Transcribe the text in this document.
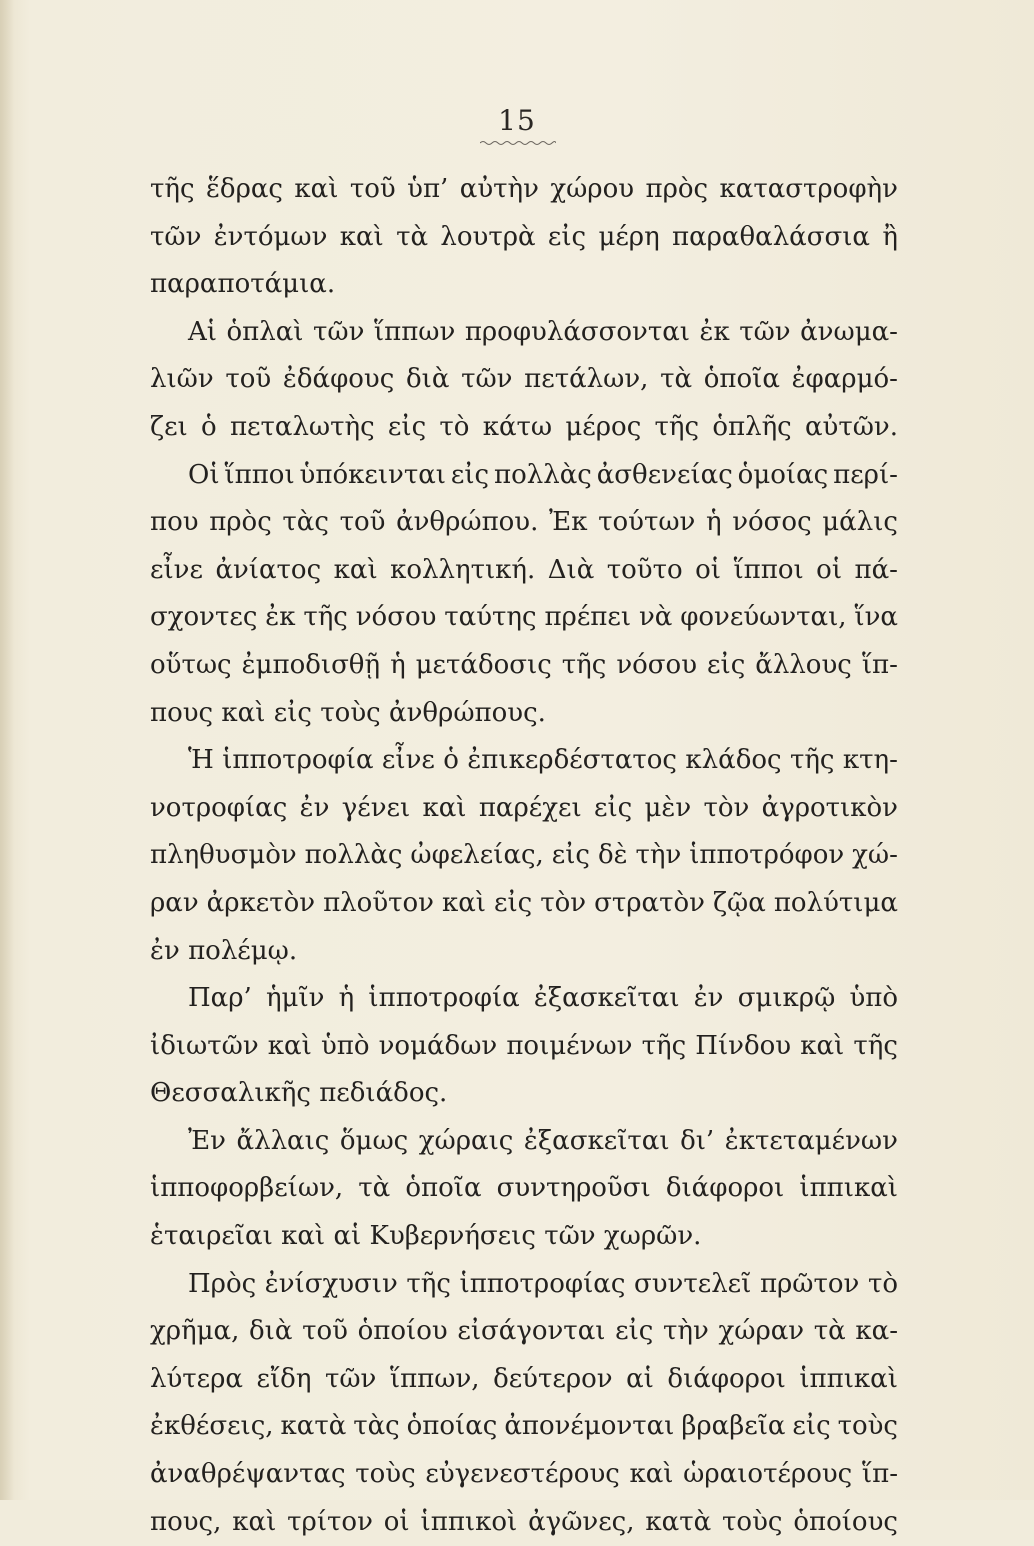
15
τῆς ἕδρας καὶ τοῦ ὑπ’ αὐτὴν χώρου πρὸς καταστροφὴν
τῶν ἐντόμων καὶ τὰ λουτρὰ εἰς μέρη παραθαλάσσια ἢ
παραποτάμια.
Αἱ ὁπλαὶ τῶν ἵππων προφυλάσσονται ἐκ τῶν ἀνωμα-
λιῶν τοῦ ἐδάφους διὰ τῶν πετάλων, τὰ ὁποῖα ἐφαρμό-
ζει ὁ πεταλωτὴς εἰς τὸ κάτω μέρος τῆς ὁπλῆς αὐτῶν.
Οἱ ἵπποι ὑπόκεινται εἰς πολλὰς ἀσθενείας ὁμοίας περί-
που πρὸς τὰς τοῦ ἀνθρώπου. Ἐκ τούτων ἡ νόσος μάλις
εἶνε ἀνίατος καὶ κολλητική. Διὰ τοῦτο οἱ ἵπποι οἱ πά-
σχοντες ἐκ τῆς νόσου ταύτης πρέπει νὰ φονεύωνται, ἵνα
οὕτως ἐμποδισθῇ ἡ μετάδοσις τῆς νόσου εἰς ἄλλους ἵπ-
πους καὶ εἰς τοὺς ἀνθρώπους.
Ἡ ἱπποτροφία εἶνε ὁ ἐπικερδέστατος κλάδος τῆς κτη-
νοτροφίας ἐν γένει καὶ παρέχει εἰς μὲν τὸν ἀγροτικὸν
πληθυσμὸν πολλὰς ὠφελείας, εἰς δὲ τὴν ἱπποτρόφον χώ-
ραν ἀρκετὸν πλοῦτον καὶ εἰς τὸν στρατὸν ζῷα πολύτιμα
ἐν πολέμῳ.
Παρ’ ἡμῖν ἡ ἱπποτροφία ἐξασκεῖται ἐν σμικρῷ ὑπὸ
ἰδιωτῶν καὶ ὑπὸ νομάδων ποιμένων τῆς Πίνδου καὶ τῆς
Θεσσαλικῆς πεδιάδος.
Ἐν ἄλλαις ὅμως χώραις ἐξασκεῖται δι’ ἐκτεταμένων
ἱπποφορβείων, τὰ ὁποῖα συντηροῦσι διάφοροι ἱππικαὶ
ἑταιρεῖαι καὶ αἱ Κυβερνήσεις τῶν χωρῶν.
Πρὸς ἐνίσχυσιν τῆς ἱπποτροφίας συντελεῖ πρῶτον τὸ
χρῆμα, διὰ τοῦ ὁποίου εἰσάγονται εἰς τὴν χώραν τὰ κα-
λύτερα εἴδη τῶν ἵππων, δεύτερον αἱ διάφοροι ἱππικαὶ
ἐκθέσεις, κατὰ τὰς ὁποίας ἀπονέμονται βραβεῖα εἰς τοὺς
ἀναθρέψαντας τοὺς εὐγενεστέρους καὶ ὡραιοτέρους ἵπ-
πους, καὶ τρίτον οἱ ἱππικοὶ ἀγῶνες, κατὰ τοὺς ὁποίους
